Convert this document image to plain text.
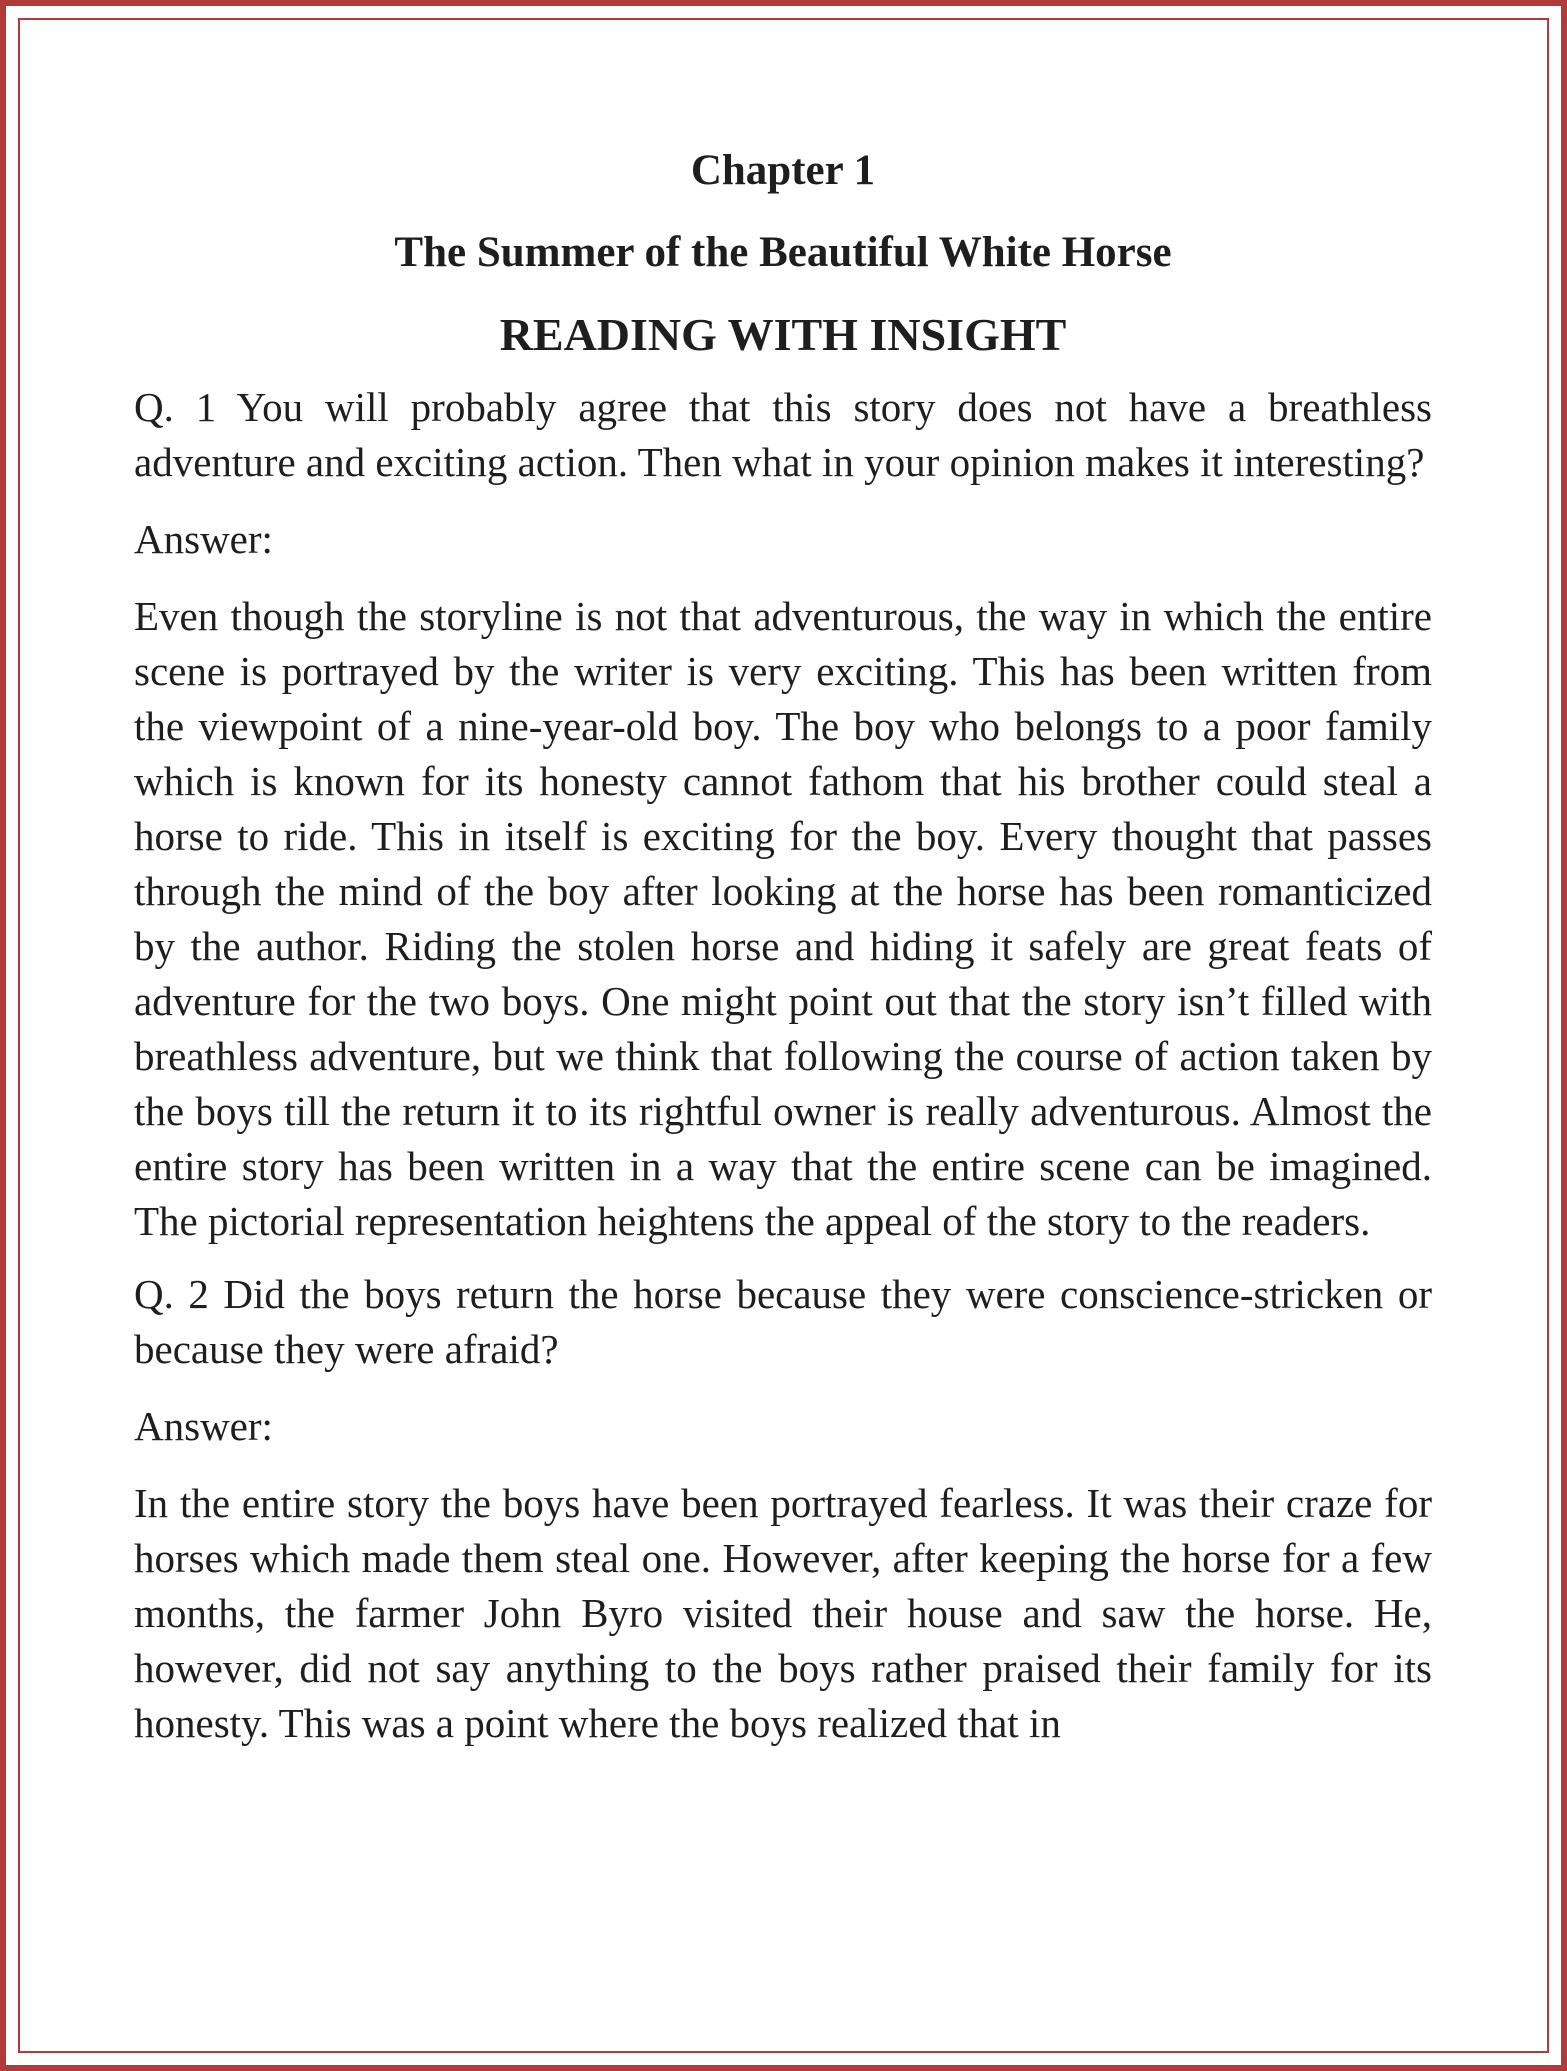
Chapter 1
The Summer of the Beautiful White Horse
READING WITH INSIGHT

Q. 1 You will probably agree that this story does not have a breathless adventure and exciting action. Then what in your opinion makes it interesting?

Answer:

Even though the storyline is not that adventurous, the way in which the entire scene is portrayed by the writer is very exciting. This has been written from the viewpoint of a nine-year-old boy. The boy who belongs to a poor family which is known for its honesty cannot fathom that his brother could steal a horse to ride. This in itself is exciting for the boy. Every thought that passes through the mind of the boy after looking at the horse has been romanticized by the author. Riding the stolen horse and hiding it safely are great feats of adventure for the two boys. One might point out that the story isn’t filled with breathless adventure, but we think that following the course of action taken by the boys till the return it to its rightful owner is really adventurous. Almost the entire story has been written in a way that the entire scene can be imagined. The pictorial representation heightens the appeal of the story to the readers.

Q. 2 Did the boys return the horse because they were conscience-stricken or because they were afraid?

Answer:

In the entire story the boys have been portrayed fearless. It was their craze for horses which made them steal one. However, after keeping the horse for a few months, the farmer John Byro visited their house and saw the horse. He, however, did not say anything to the boys rather praised their family for its honesty. This was a point where the boys realized that in
